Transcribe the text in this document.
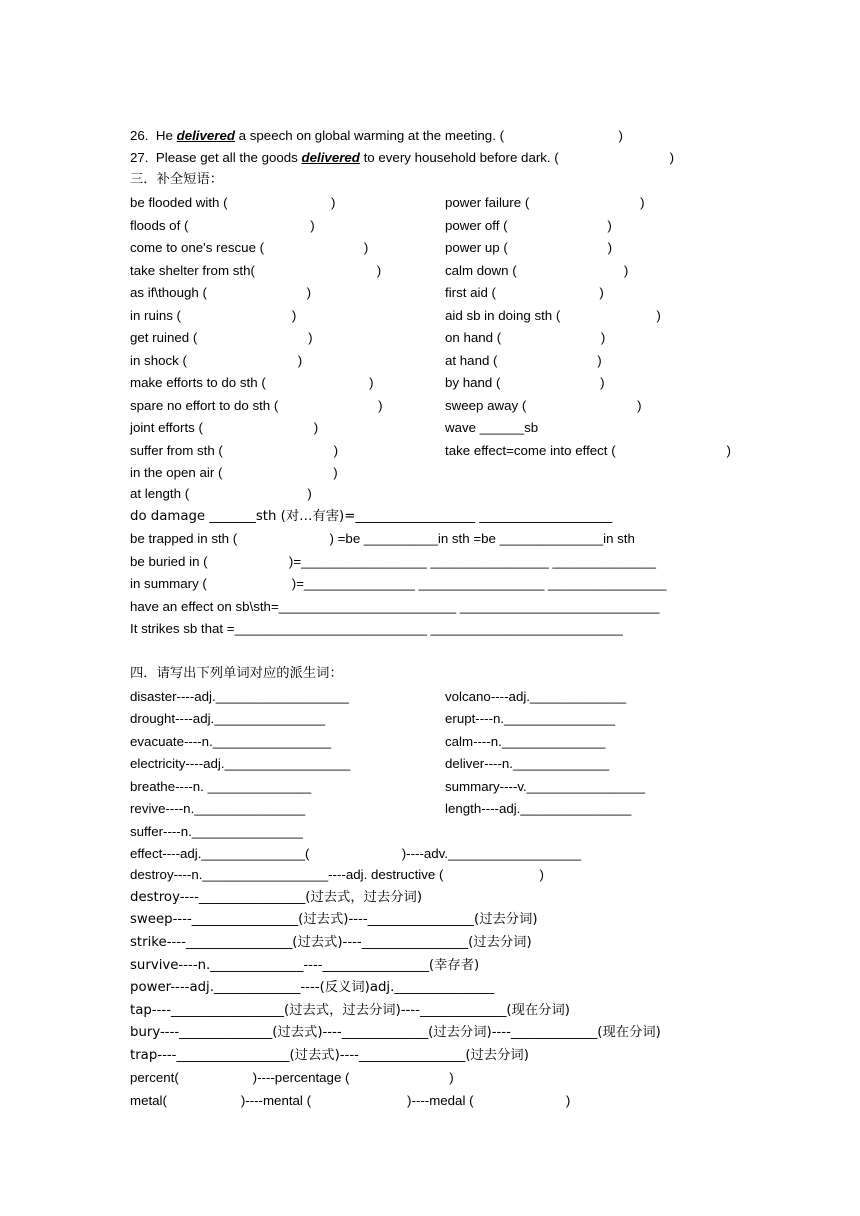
26.  He delivered a speech on global warming at the meeting. (                               )
27.  Please get all the goods delivered to every household before dark. (                              )
三．补全短语：
be flooded with (                            )	power failure (                              )
floods of (                                 )	power off (                           )
come to one's rescue (                           )	power up (                           )
take shelter from sth(                                 )	calm down (                             )
as if\though (                           )	first aid (                            )
in ruins (                              )	aid sb in doing sth (                          )
get ruined (                              )	on hand (                           )
in shock (                              )	at hand (                           )
make efforts to do sth (                            )	by hand (                           )
spare no effort to do sth (                           )	sweep away (                              )
joint efforts (                              )	wave ______sb
suffer from sth (                              )	take effect=come into effect (                              )
in the open air (                              )
at length (                                )
do damage _______sth (对…有害)=__________________ ____________________
be trapped in sth (                         ) =be __________in sth =be ______________in sth
be buried in (                      )=_________________ ________________ ______________
in summary (                       )=_______________ _________________ ________________
have an effect on sb\sth=________________________ ___________________________
It strikes sb that =__________________________ __________________________
四．请写出下列单词对应的派生词：
disaster----adj.__________________	volcano----adj._____________
drought----adj._______________	erupt----n._______________
evacuate----n.________________	calm----n.______________
electricity----adj._________________	deliver----n._____________
breathe----n. ______________	summary----v.________________
revive----n._______________	length----adj._______________
suffer----n._______________
effect----adj.______________(                         )----adv.__________________
destroy----n._________________----adj. destructive (                          )
destroy----________________(过去式，过去分词)
sweep----________________(过去式)----________________(过去分词)
strike----________________(过去式)----________________(过去分词)
survive----n.______________----________________(幸存者)
power----adj._____________----(反义词)adj._______________
tap----_________________(过去式，过去分词)----_____________(现在分词)
bury----______________(过去式)----_____________(过去分词)----_____________(现在分词)
trap----_________________(过去式)----________________(过去分词)
percent(                    )----percentage (                           )
metal(                    )----mental (                          )----medal (                         )
